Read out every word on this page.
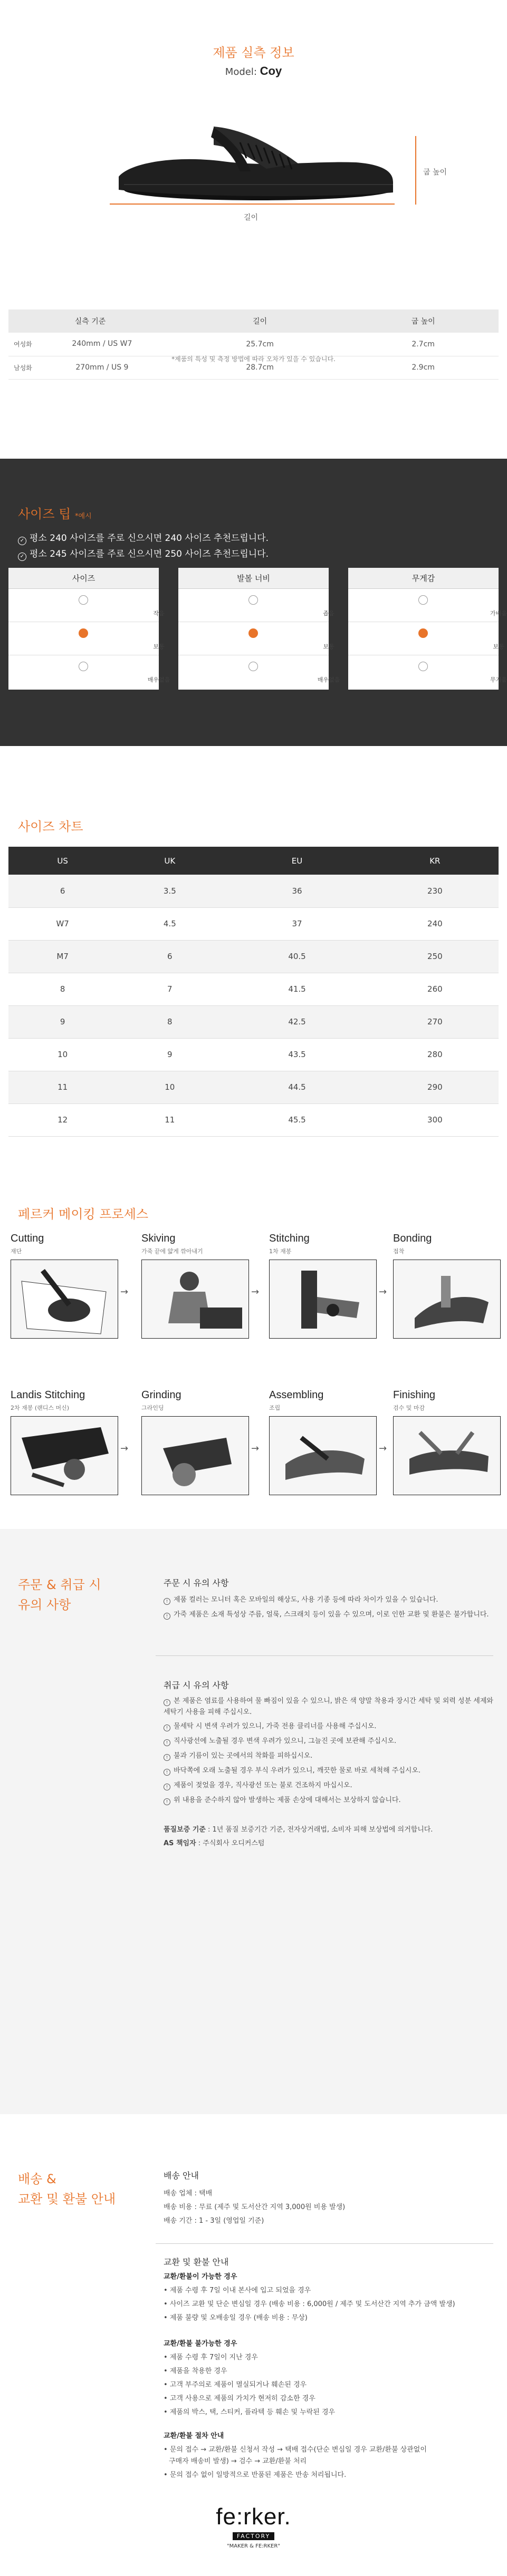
제품 실측 정보
Model: Coy
굽 높이
길이
실측 기준	길이	굽 높이

여성화 240mm / US W7	25.7cm	2.7cm

남성화 270mm / US 9	28.7cm	2.9cm
*제품의 특성 및 측정 방법에 따라 오차가 있을 수 있습니다.
사이즈 팁 *예시
✓ 평소 240 사이즈를 주로 신으시면 240 사이즈 추천드립니다.
✓ 평소 245 사이즈를 주로 신으시면 250 사이즈 추천드립니다.
사이즈
작음
보통
매우없음
발볼 너비
좁음
보통
매우없음
무게감
가벼움
보통
무거움
사이즈 차트
US	UK	EU	KR
6	3.5	36	230
W7	4.5	37	240
M7	6	40.5	250
8	7	41.5	260
9	8	42.5	270
10	9	43.5	280
11	10	44.5	290
12	11	45.5	300
페르커 메이킹 프로세스
Cutting
재단
→
Skiving
가죽 끝에 얇게 깎아내기
→
Stitching
1차 재봉
→
Bonding
접착
Landis Stitching
2차 재봉 (랜디스 머신)
→
Grinding
그라인딩
→
Assembling
조립
→
Finishing
검수 및 마감
주문 & 취급 시
유의 사항
주문 시 유의 사항
! 제품 컬러는 모니터 혹은 모바일의 해상도, 사용 기종 등에 따라 차이가 있을 수 있습니다.
! 가죽 제품은 소재 특성상 주름, 얼룩, 스크래치 등이 있을 수 있으며, 이로 인한 교환 및 환불은 불가합니다.
취급 시 유의 사항
! 본 제품은 염료를 사용하여 물 빠짐이 있을 수 있으니, 밝은 색 양말 착용과 장시간 세탁 및 외력 성분 세제와 세탁기 사용을 피해 주십시오.
! 물세탁 시 변색 우려가 있으니, 가죽 전용 클리너를 사용해 주십시오.
! 직사광선에 노출될 경우 변색 우려가 있으니, 그늘진 곳에 보관해 주십시오.
! 불과 기름이 있는 곳에서의 착화를 피하십시오.
! 바닥쪽에 오래 노출될 경우 부식 우려가 있으니, 깨끗한 물로 바로 세척해 주십시오.
! 제품이 젖었을 경우, 직사광선 또는 불로 건조하지 마십시오.
! 위 내용을 준수하지 않아 발생하는 제품 손상에 대해서는 보상하지 않습니다.
품질보증 기준 : 1년 품질 보증기간 기준, 전자상거래법, 소비자 피해 보상법에 의거합니다.
AS 책임자 : 주식회사 오디커스텀
배송 &
교환 및 환불 안내
배송 안내
배송 업체 : 택배
배송 비용 : 무료 (제주 및 도서산간 지역 3,000원 비용 발생)
배송 기간 : 1 - 3일 (영업일 기준)
교환 및 환불 안내
교환/환불이 가능한 경우
• 제품 수령 후 7일 이내 본사에 입고 되었을 경우
• 사이즈 교환 및 단순 변심일 경우 (배송 비용 : 6,000원 / 제주 및 도서산간 지역 추가 금액 발생)
• 제품 불량 및 오배송일 경우 (배송 비용 : 무상)
교환/환불 불가능한 경우
• 제품 수령 후 7일이 지난 경우
• 제품을 착용한 경우
• 고객 부주의로 제품이 멸실되거나 훼손된 경우
• 고객 사용으로 제품의 가치가 현저히 감소한 경우
• 제품의 박스, 택, 스티커, 플라텍 등 훼손 및 누락된 경우
교환/환불 절차 안내
• 문의 접수 → 교환/환불 신청서 작성 → 택배 접수(단순 변심일 경우 교환/환불 상관없이
구매자 배송비 발생) → 검수 → 교환/환불 처리
• 문의 접수 없이 일방적으로 반품된 제품은 반송 처리됩니다.
fe:rker.
FACTORY
"MAKER & FE:RKER"
